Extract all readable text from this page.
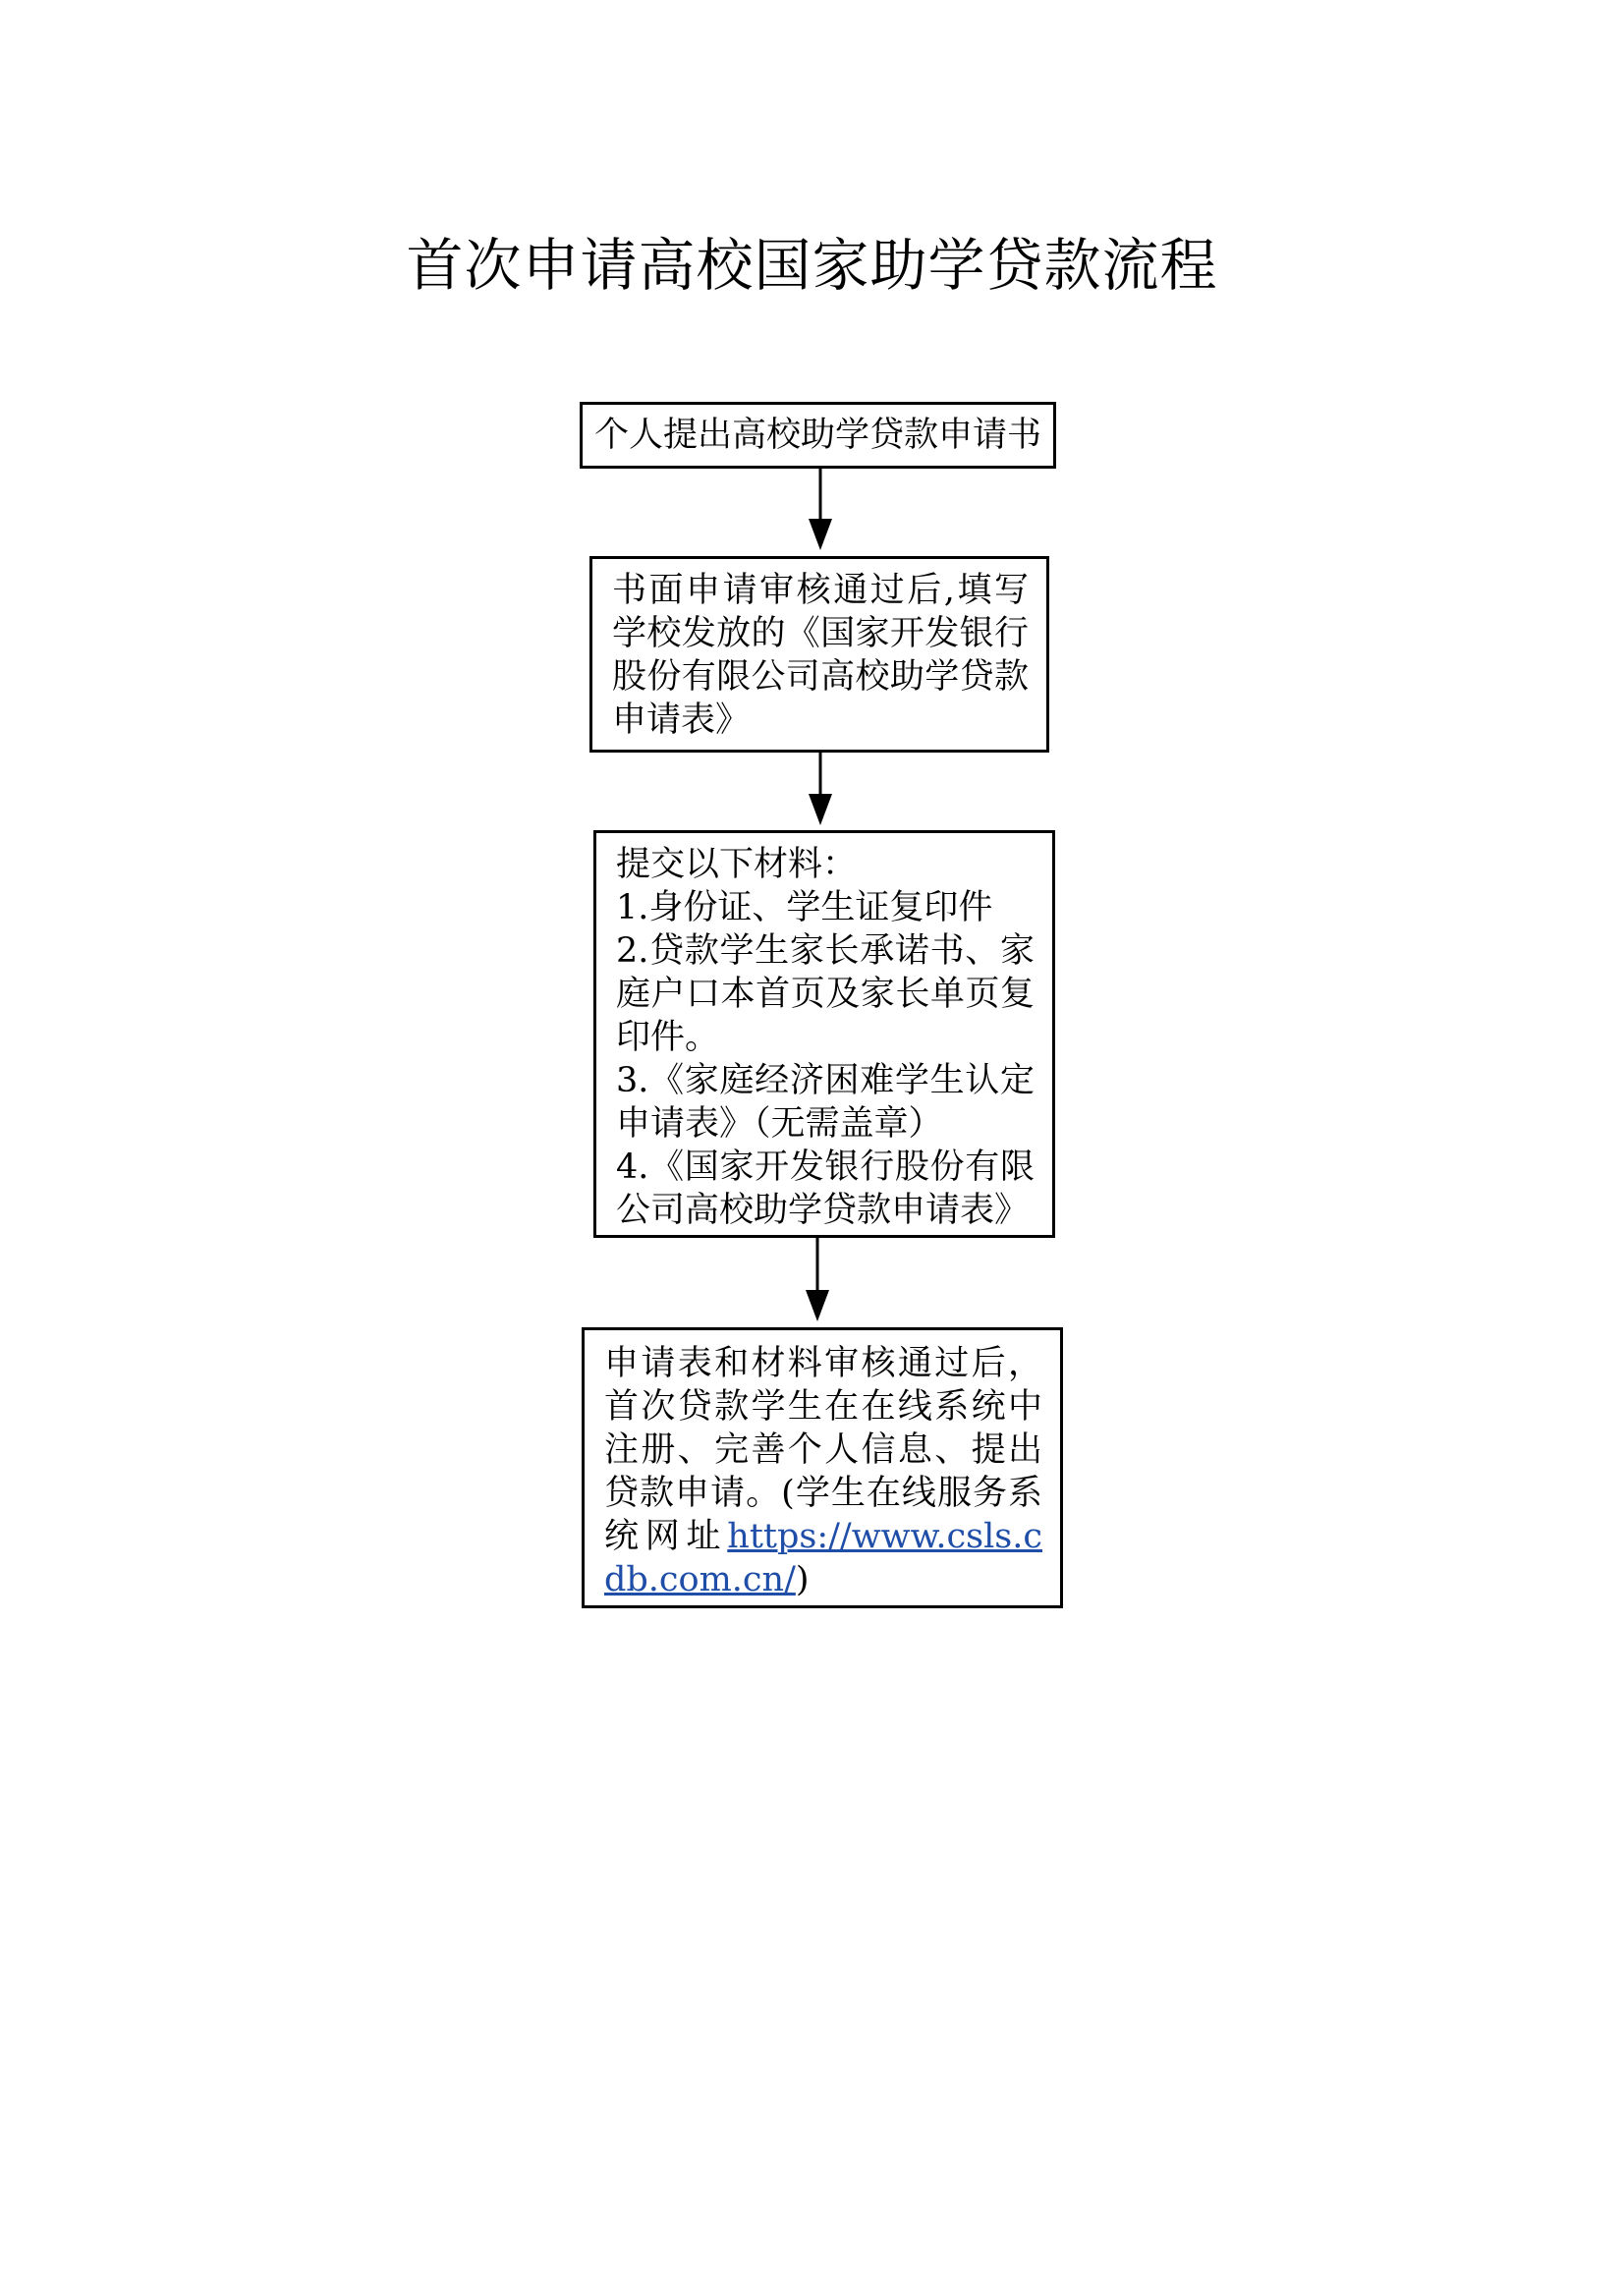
首次申请高校国家助学贷款流程
个人提出高校助学贷款申请书

书面申请审核通过后,填写学校发放的《国家开发银行股份有限公司高校助学贷款申请表》

提交以下材料：

1.身份证、学生证复印件

2.贷款学生家长承诺书、家庭户口本首页及家长单页复印件。

3.《家庭经济困难学生认定申请表》（无需盖章）

4.《国家开发银行股份有限公司高校助学贷款申请表》

申请表和材料审核通过后，首次贷款学生在在线系统中注册、完善个人信息、提出贷款申请。(学生在线服务系统网址https://www.csls.cdb.com.cn/)
